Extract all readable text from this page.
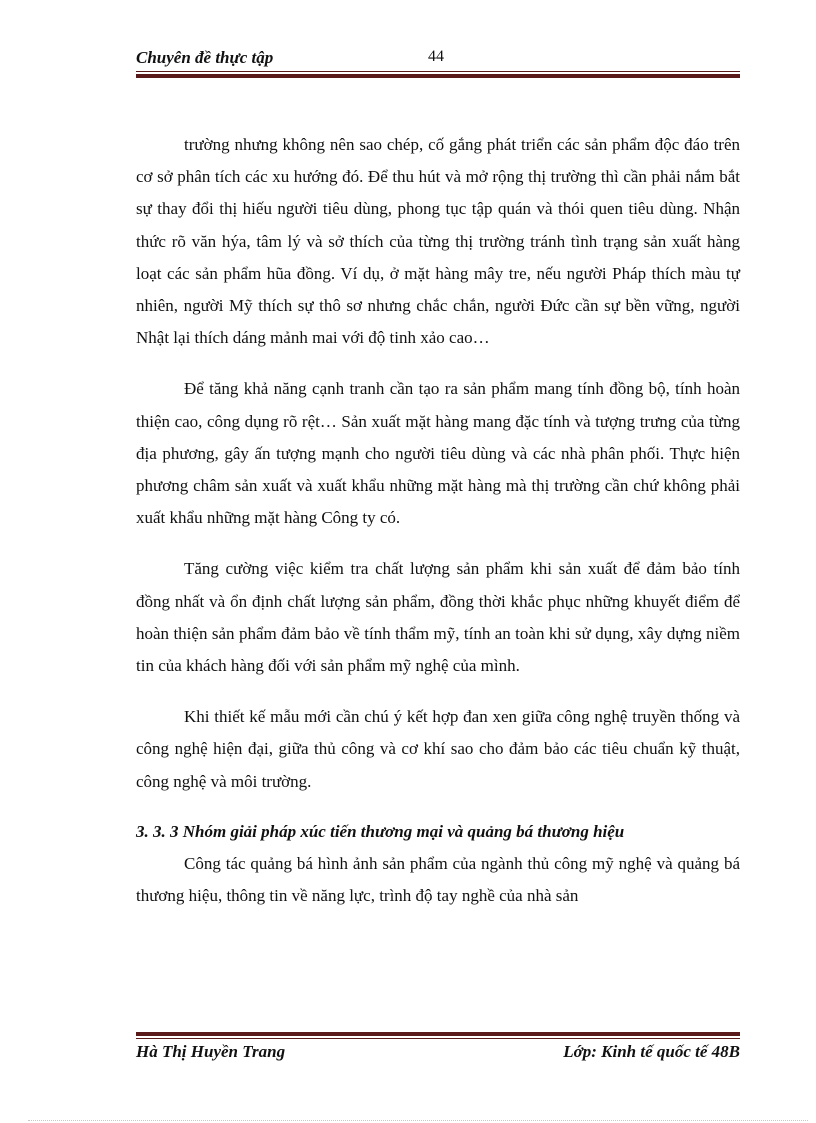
Chuyên đề thực tập	44

trường nhưng không nên sao chép, cố gắng phát triển các sản phẩm độc đáo trên cơ sở phân tích các xu hướng đó. Để thu hút và mở rộng thị trường thì cần phải nắm bắt sự thay đổi thị hiếu người tiêu dùng, phong tục tập quán và thói quen tiêu dùng. Nhận thức rõ văn hýa, tâm lý và sở thích của từng thị trường tránh tình trạng sản xuất hàng loạt các sản phẩm hũa đồng. Ví dụ, ở mặt hàng mây tre, nếu người Pháp thích màu tự nhiên, người Mỹ thích sự thô sơ nhưng chắc chắn, người Đức cần sự bền vững, người Nhật lại thích dáng mảnh mai với độ tinh xảo cao…

Để tăng khả năng cạnh tranh cần tạo ra sản phẩm mang tính đồng bộ, tính hoàn thiện cao, công dụng rõ rệt… Sản xuất mặt hàng mang đặc tính và tượng trưng của từng địa phương, gây ấn tượng mạnh cho người tiêu dùng và các nhà phân phối. Thực hiện phương châm sản xuất và xuất khẩu những mặt hàng mà thị trường cần chứ không phải xuất khẩu những mặt hàng Công ty có.

Tăng cường việc kiểm tra chất lượng sản phẩm khi sản xuất để đảm bảo tính đồng nhất và ổn định chất lượng sản phẩm, đồng thời khắc phục những khuyết điểm để hoàn thiện sản phẩm đảm bảo về tính thẩm mỹ, tính an toàn khi sử dụng, xây dựng niềm tin của khách hàng đối với sản phẩm mỹ nghệ của mình.

Khi thiết kế mẫu mới cần chú ý kết hợp đan xen giữa công nghệ truyền thống và công nghệ hiện đại, giữa thủ công và cơ khí sao cho đảm bảo các tiêu chuẩn kỹ thuật, công nghệ và môi trường.

3. 3. 3 Nhóm giải pháp xúc tiến thương mại và quảng bá thương hiệu

Công tác quảng bá hình ảnh sản phẩm của ngành thủ công mỹ nghệ và quảng bá thương hiệu, thông tin về năng lực, trình độ tay nghề của nhà sản

Hà Thị Huyền Trang	Lớp: Kinh tế quốc tế 48B
